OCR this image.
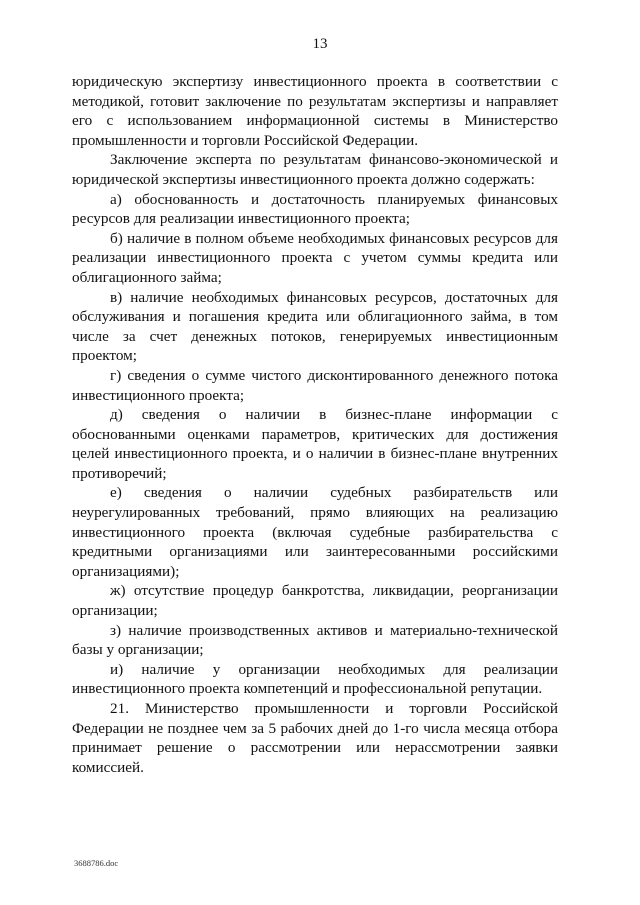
13

юридическую экспертизу инвестиционного проекта в соответствии с методикой, готовит заключение по результатам экспертизы и направляет его с использованием информационной системы в Министерство промышленности и торговли Российской Федерации.

Заключение эксперта по результатам финансово-экономической и юридической экспертизы инвестиционного проекта должно содержать:

а) обоснованность и достаточность планируемых финансовых ресурсов для реализации инвестиционного проекта;

б) наличие в полном объеме необходимых финансовых ресурсов для реализации инвестиционного проекта с учетом суммы кредита или облигационного займа;

в) наличие необходимых финансовых ресурсов, достаточных для обслуживания и погашения кредита или облигационного займа, в том числе за счет денежных потоков, генерируемых инвестиционным проектом;

г) сведения о сумме чистого дисконтированного денежного потока инвестиционного проекта;

д) сведения о наличии в бизнес-плане информации с обоснованными оценками параметров, критических для достижения целей инвестиционного проекта, и о наличии в бизнес-плане внутренних противоречий;

е) сведения о наличии судебных разбирательств или неурегулированных требований, прямо влияющих на реализацию инвестиционного проекта (включая судебные разбирательства с кредитными организациями или заинтересованными российскими организациями);

ж) отсутствие процедур банкротства, ликвидации, реорганизации организации;

з) наличие производственных активов и материально-технической базы у организации;

и) наличие у организации необходимых для реализации инвестиционного проекта компетенций и профессиональной репутации.

21. Министерство промышленности и торговли Российской Федерации не позднее чем за 5 рабочих дней до 1-го числа месяца отбора принимает решение о рассмотрении или нерассмотрении заявки комиссией.

3688786.doc
